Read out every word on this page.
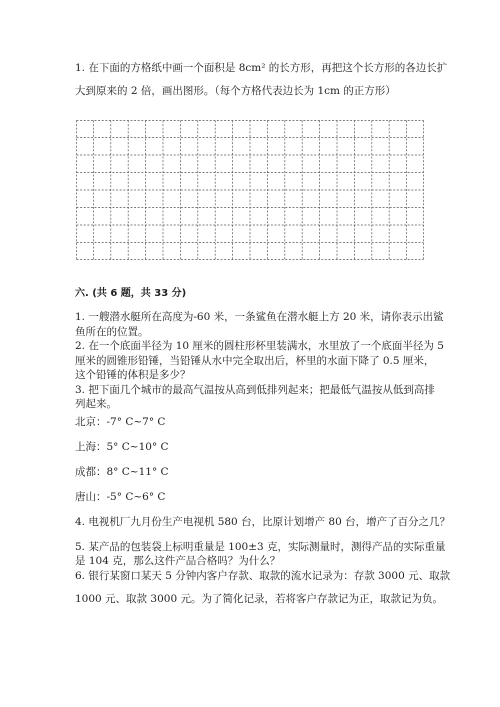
1. 在下面的方格纸中画一个面积是 8cm² 的长方形，再把这个长方形的各边长扩
大到原来的 2 倍，画出图形。（每个方格代表边长为 1cm 的正方形）
六. (共 6 题，共 33 分)
1. 一艘潜水艇所在高度为-60 米，一条鲨鱼在潜水艇上方 20 米，请你表示出鲨
鱼所在的位置。
2. 在一个底面半径为 10 厘米的圆柱形杯里装满水，水里放了一个底面半径为 5
厘米的圆锥形铅锤，当铅锤从水中完全取出后，杯里的水面下降了 0.5 厘米，
这个铅锤的体积是多少？
3. 把下面几个城市的最高气温按从高到低排列起来；把最低气温按从低到高排
列起来。
北京：-7° C~7° C
上海：5° C~10° C
成都：8° C~11° C
唐山：-5° C~6° C
4. 电视机厂九月份生产电视机 580 台，比原计划增产 80 台，增产了百分之几？
5. 某产品的包装袋上标明重量是 100±3 克，实际测量时，测得产品的实际重量
是 104 克，那么这件产品合格吗？为什么？
6. 银行某窗口某天 5 分钟内客户存款、取款的流水记录为：存款 3000 元、取款
1000 元、取款 3000 元。为了简化记录，若将客户存款记为正，取款记为负。
